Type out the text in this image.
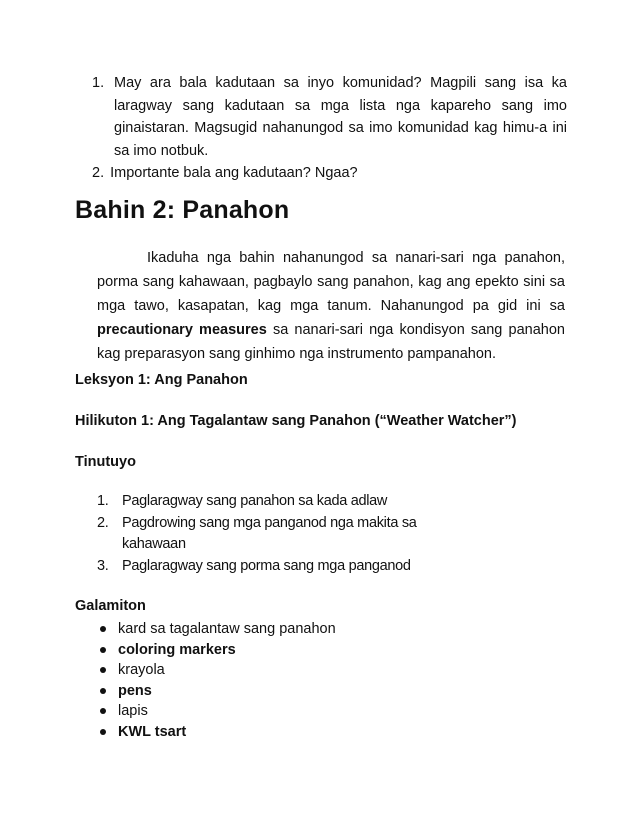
1. May ara bala kadutaan sa inyo komunidad? Magpili sang isa ka laragway sang kadutaan sa mga lista nga kapareho sang imo ginaistaran. Magsugid nahanungod sa imo komunidad kag himu-a ini sa imo notbuk.
2. Importante bala ang kadutaan? Ngaa?
Bahin 2: Panahon
Ikaduha nga bahin nahanungod sa nanari-sari nga panahon, porma sang kahawaan, pagbaylo sang panahon, kag ang epekto sini sa mga tawo, kasapatan, kag mga tanum. Nahanungod pa gid ini sa precautionary measures sa nanari-sari nga kondisyon sang panahon kag preparasyon sang ginhimo nga instrumento pampanahon.
Leksyon 1: Ang Panahon
Hilikuton 1: Ang Tagalantaw sang Panahon (“Weather Watcher”)
Tinutuyo
1. Paglaragway sang panahon sa kada adlaw
2. Pagdrowing sang mga panganod nga makita sa kahawaan
3. Paglaragway sang porma sang mga panganod
Galamiton
kard sa tagalantaw sang panahon
coloring markers
krayola
pens
lapis
KWL tsart
